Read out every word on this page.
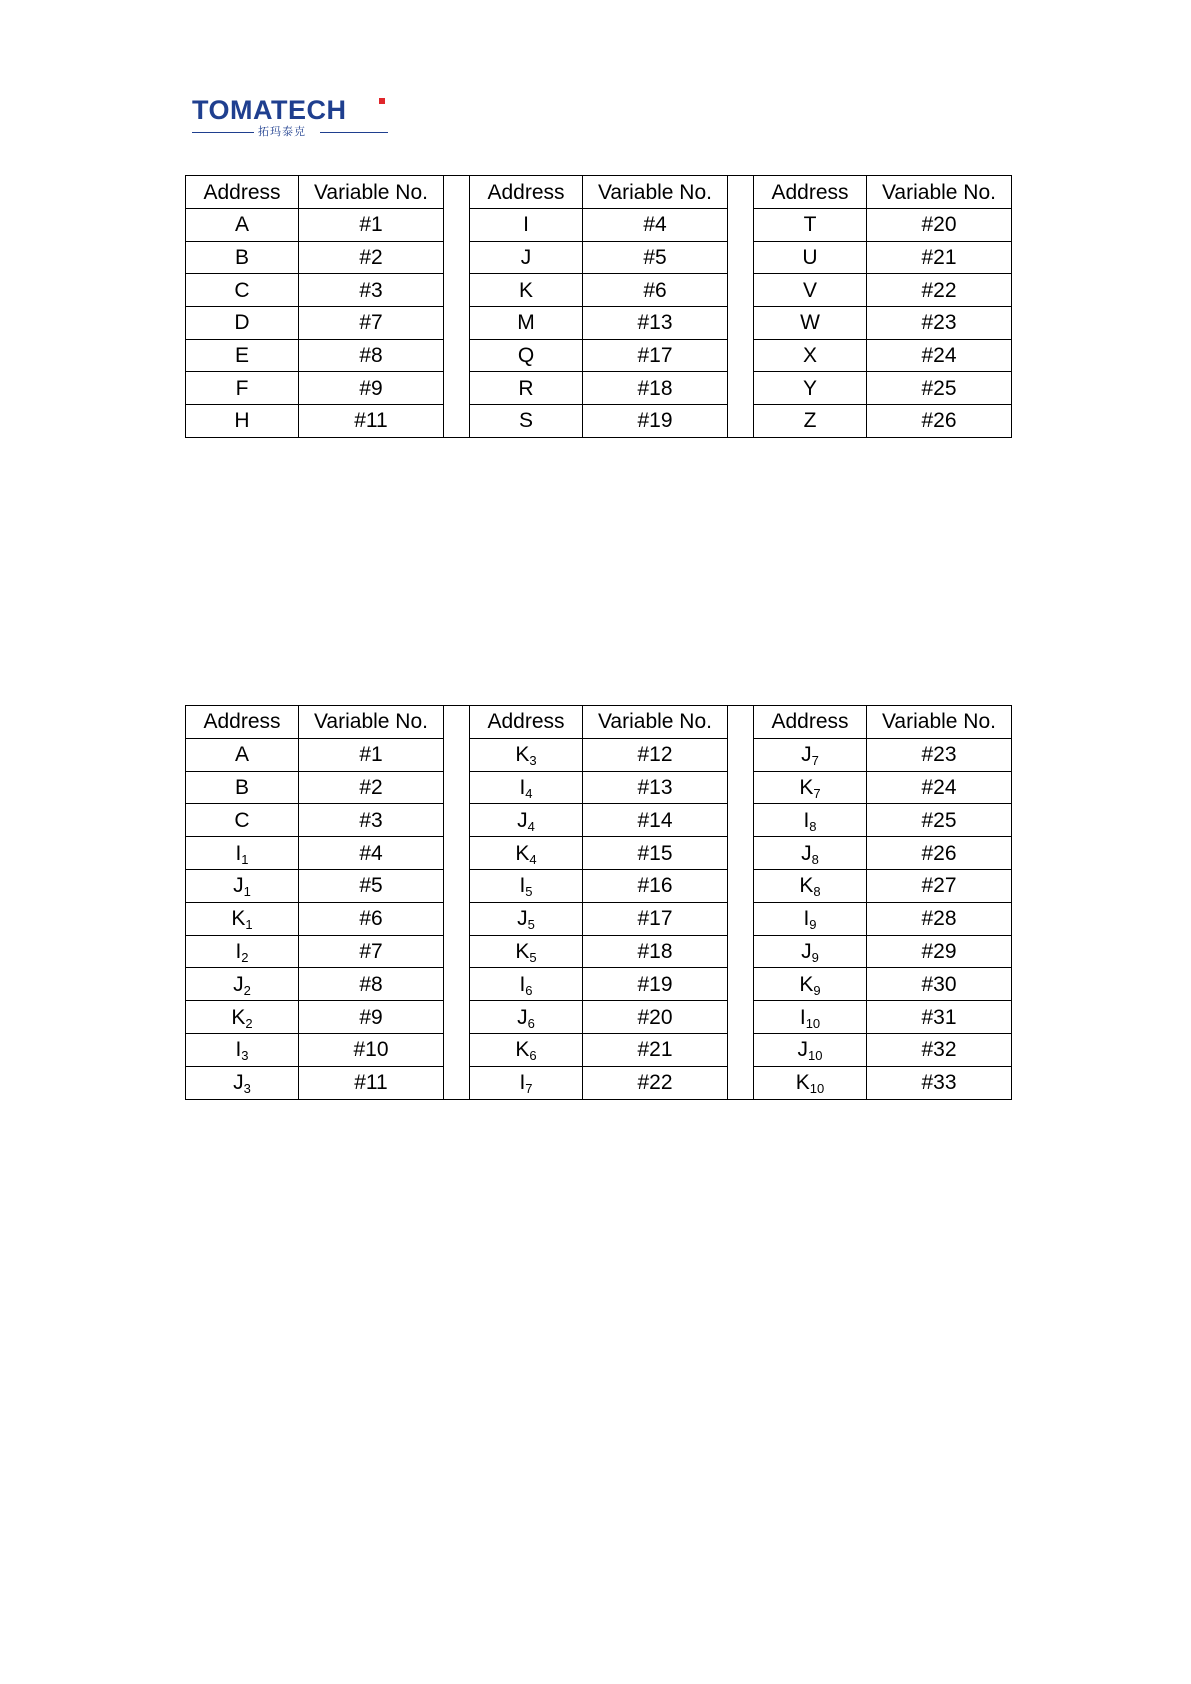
TOMATECH
拓玛泰克
Address	Variable No.
A	#1
B	#2
C	#3
D	#7
E	#8
F	#9
H	#11
Address	Variable No.
I	#4
J	#5
K	#6
M	#13
Q	#17
R	#18
S	#19
Address	Variable No.
T	#20
U	#21
V	#22
W	#23
X	#24
Y	#25
Z	#26
Address	Variable No.
A	#1
B	#2
C	#3
$I_1$	#4
$J_1$	#5
$K_1$	#6
$I_2$	#7
$J_2$	#8
$K_2$	#9
$I_3$	#10
$J_3$	#11
Address	Variable No.
$K_3$	#12
$I_4$	#13
$J_4$	#14
$K_4$	#15
$I_5$	#16
$J_5$	#17
$K_5$	#18
$I_6$	#19
$J_6$	#20
$K_6$	#21
$I_7$	#22
Address	Variable No.
$J_7$	#23
$K_7$	#24
$I_8$	#25
$J_8$	#26
$K_8$	#27
$I_9$	#28
$J_9$	#29
$K_9$	#30
$I_{10}$	#31
$J_{10}$	#32
$K_{10}$	#33
